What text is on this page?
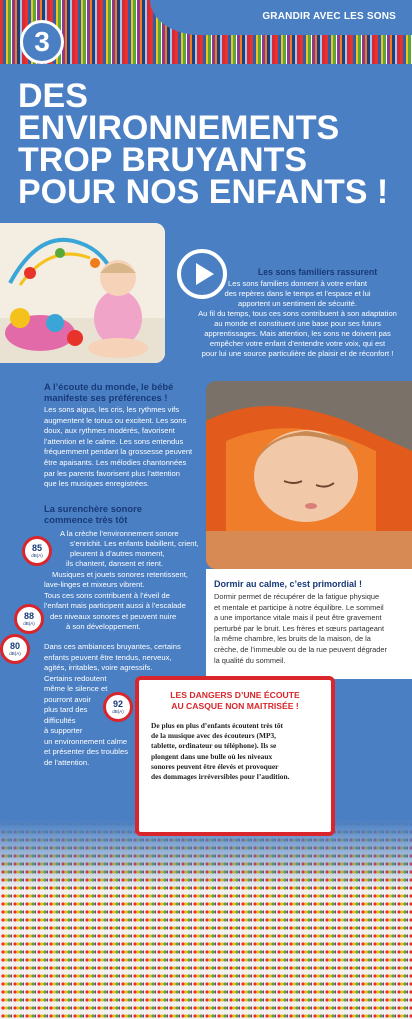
GRANDIR AVEC LES SONS
3
DES ENVIRONNEMENTS TROP BRUYANTS POUR NOS ENFANTS !
Les sons familiers rassurent
Les sons familiers donnent à votre enfant
des repères dans le temps et l’espace et lui
apportent un sentiment de sécurité.
Au fil du temps, tous ces sons contribuent à son adaptation
au monde et constituent une base pour ses futurs
apprentissages. Mais attention, les sons ne doivent pas
empêcher votre enfant d’entendre votre voix, qui est
pour lui une source particulière de plaisir et de réconfort !
Dormir au calme, c’est primordial !
Dormir permet de récupérer de la fatigue physique
et mentale et participe à notre équilibre. Le sommeil
a une importance vitale mais il peut être gravement
perturbé par le bruit. Les frères et sœurs partageant
la même chambre, les bruits de la maison, de la
crèche, de l’immeuble ou de la rue peuvent dégrader
la qualité du sommeil.
A l’écoute du monde, le bébé
manifeste ses préférences !
Les sons aigus, les cris, les rythmes vifs
augmentent le tonus ou excitent. Les sons
doux, aux rythmes modérés, favorisent
l’attention et le calme. Les sons entendus
fréquemment pendant la grossesse peuvent
être apaisants. Les mélodies chantonnées
par les parents favorisent plus l’attention
que les musiques enregistrées.
La surenchère sonore
commence très tôt
A la crèche l’environnement sonore
s’enrichit. Les enfants babillent, crient,
pleurent à d’autres moment,
ils chantent, dansent et rient.
Musiques et jouets sonores retentissent,
lave-linges et mixeurs vibrent.
Tous ces sons contribuent à l’éveil de
l’enfant mais participent aussi à l’escalade
des niveaux sonores et peuvent nuire
à son développement.
Dans ces ambiances bruyantes, certains
enfants peuvent être tendus, nerveux,
agités, irritables, voire agressifs.
Certains redoutent
même le silence et
pourront avoir
plus tard des
difficultés
à supporter
un environnement calme
et présenter des troubles
de l’attention.
85
dB(A)
88
dB(A)
80
dB(A)
92
dB(A)
LES DANGERS D’UNE ÉCOUTE
AU CASQUE NON MAITRISÉE !
De plus en plus d’enfants écoutent très tôt
de la musique avec des écouteurs (MP3,
tablette, ordinateur ou téléphone). Ils se
plongent dans une bulle où les niveaux
sonores peuvent être élevés et provoquer
des dommages irréversibles pour l’audition.
